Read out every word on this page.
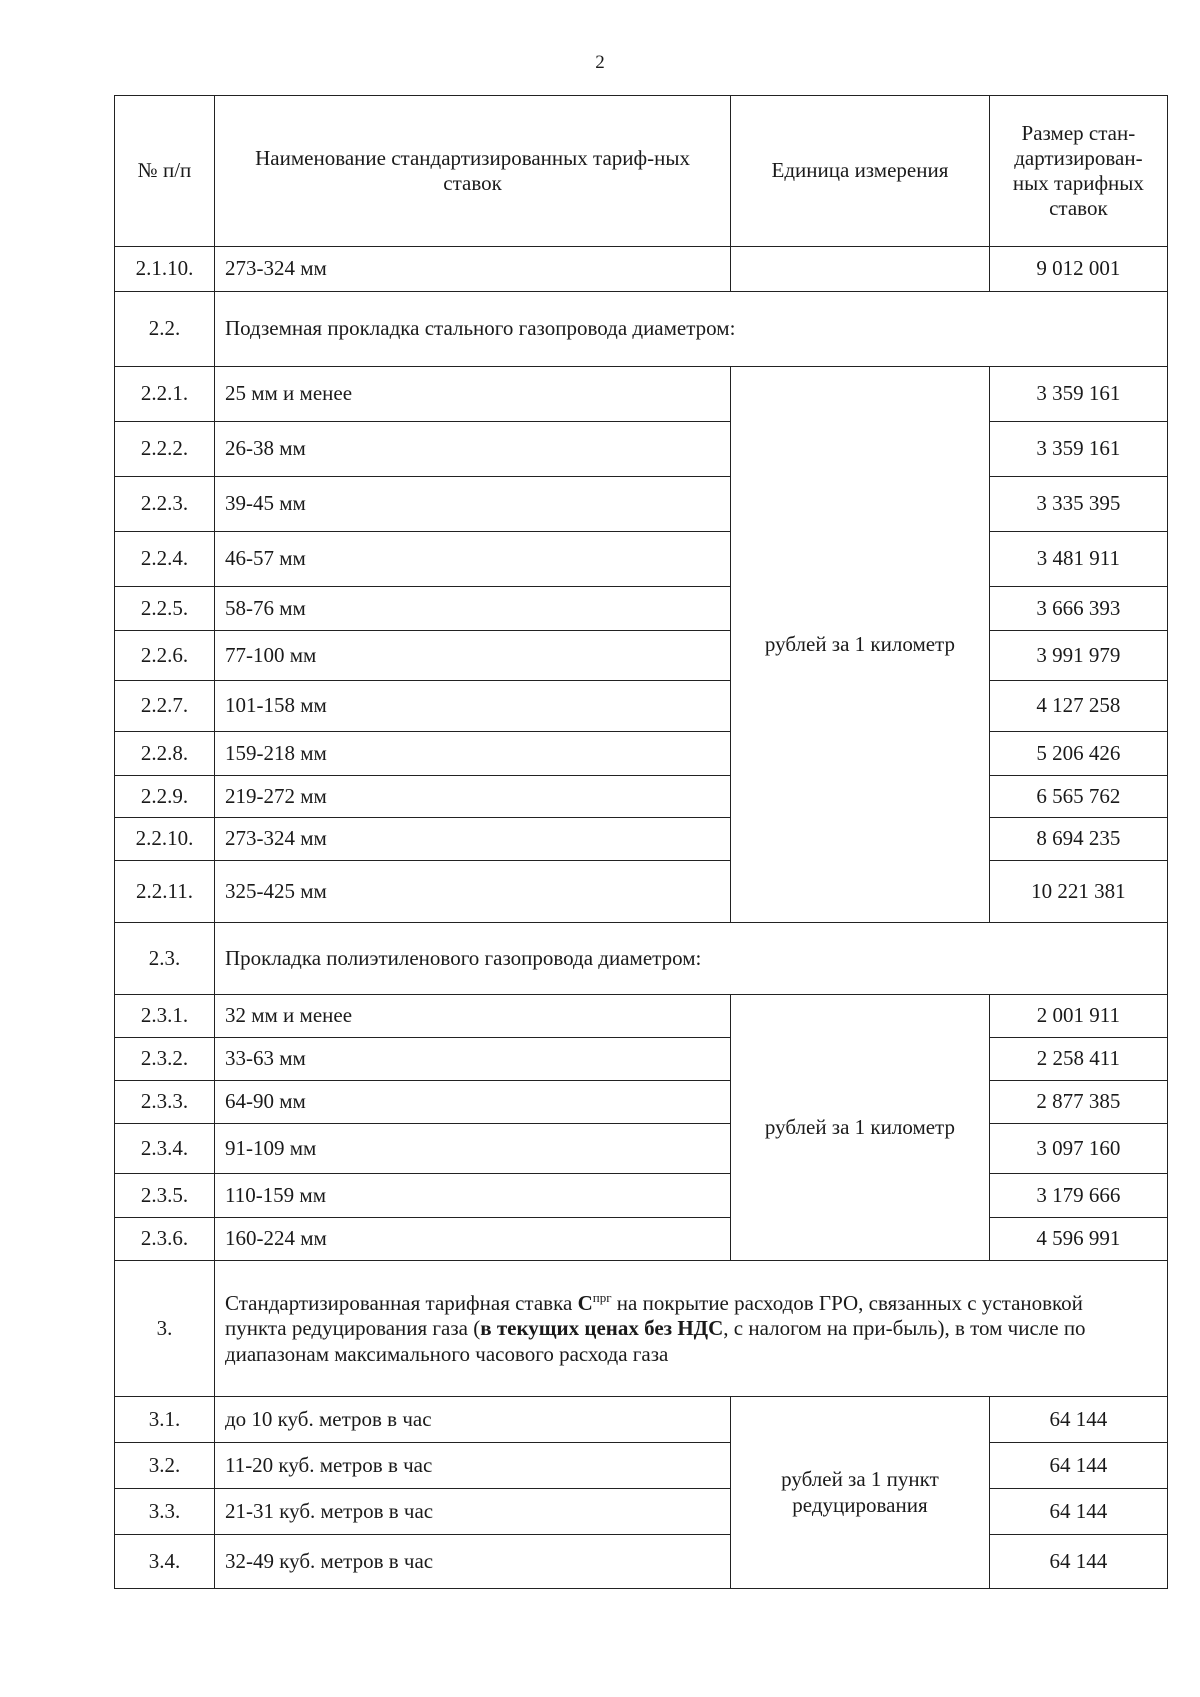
2
№ п/п	Наименование стандартизированных тариф-ных ставок	Единица измерения	Размер стан-дартизирован-ных тарифных ставок
2.1.10.	273-324 мм		9 012 001
2.2.	Подземная прокладка стального газопровода диаметром:		
2.2.1.	25 мм и менее	рублей за 1 километр	3 359 161
2.2.2.	26-38 мм		3 359 161
2.2.3.	39-45 мм		3 335 395
2.2.4.	46-57 мм		3 481 911
2.2.5.	58-76 мм		3 666 393
2.2.6.	77-100 мм		3 991 979
2.2.7.	101-158 мм		4 127 258
2.2.8.	159-218 мм		5 206 426
2.2.9.	219-272 мм		6 565 762
2.2.10.	273-324 мм		8 694 235
2.2.11.	325-425 мм		10 221 381
2.3.	Прокладка полиэтиленового газопровода диаметром:		
2.3.1.	32 мм и менее	рублей за 1 километр	2 001 911
2.3.2.	33-63 мм		2 258 411
2.3.3.	64-90 мм		2 877 385
2.3.4.	91-109 мм		3 097 160
2.3.5.	110-159 мм		3 179 666
2.3.6.	160-224 мм		4 596 991
3.	Стандартизированная тарифная ставка $С^{прг}$ на покрытие расходов ГРО, связанных с установкой пункта редуцирования газа (в текущих ценах без НДС, с налогом на при-быль), в том числе по диапазонам максимального часового расхода газа		
3.1.	до 10 куб. метров в час	рублей за 1 пункт редуцирования	64 144
3.2.	11-20 куб. метров в час		64 144
3.3.	21-31 куб. метров в час		64 144
3.4.	32-49 куб. метров в час		64 144
